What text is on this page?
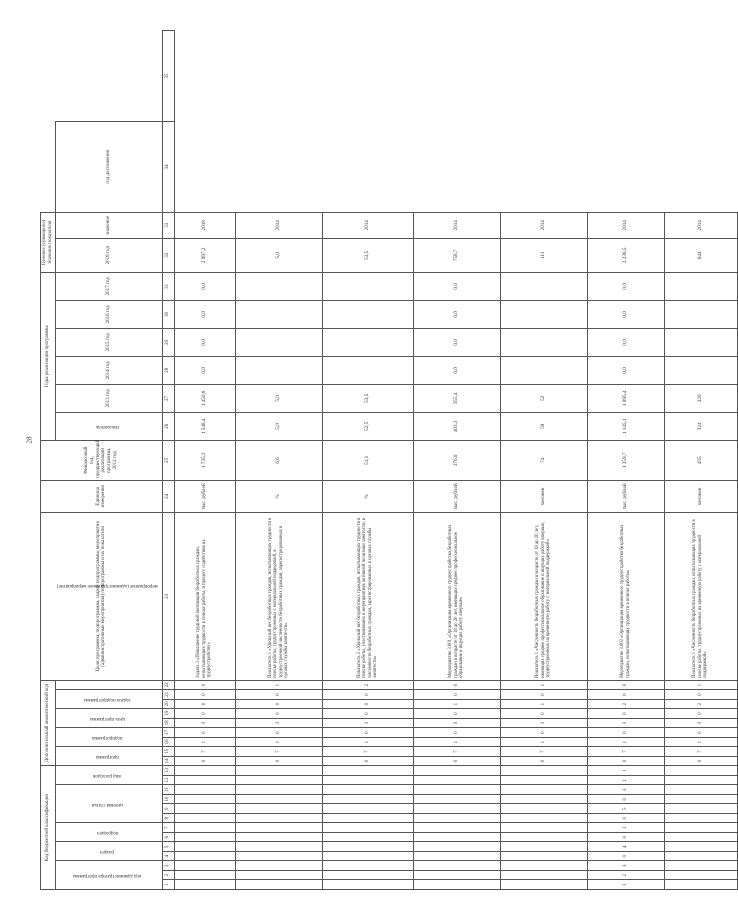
28
Код бюджетной классификации													Дополнительный аналитический код									Цели программы, подпрограммы, задачи подпрограммы, мероприятия (административные мероприятия) подпрограммы и их показатели	Единица измерения	Финансовый год, предшествующий реализации программы, 2012 год	Годы реализации программы						Целевое (суммарное) значение показателя			
код администратора программы			раздел		подраздел		целевая статья				вид расходов		программа		подпрограмма		цель программы		задача подпрограммы		мероприятие (административное мероприятие)				показатель	2013 год	2014 год	2015 год	2016 год	2017 год	2018 год	значение	год достижения	

1	2	3	4	5	6	7	8	9	10	11	12	13	14	15	16	17	18	19	20	21	22	23	24	25	26	27	28	29	30	31	32	33	34	35
													0	7	1	0	3	0	0	0	0	Задача 3 «Повышение трудовой мотивации безработных граждан, испытывающих трудности в поиске работы, и процесс содействия их трудоустройству»	тыс. рублей	1 735,3	1 548,4	1 450,8	0,0	0,0	0,0	0,0	2 997,2	2018		
													0	7	1	0	3	0	0	0	1	Показатель 1 «Удельный вес безработных граждан, испытывающих трудности в поиске работы, трудоустроенных с материальной поддержкой, в трудоустроенной численности безработных граждан, зарегистрированных в органах службы занятости»	%	6,6	5,0	5,0					5,0	2014		
													0	7	1	0	3	0	0	0	2	Показатель 2 «Удельный вес безработных граждан, испытывающих трудности в поиске работы, участвовавших в мероприятиях активной политики занятости, в численности безработных граждан, зарегистрированных в органах службы занятости»	%	51,1	52,5	53,5					53,5	2014		
													0	7	1	0	3	0	1	0	0	Мероприятие 3.001 «Организация временного трудоустройства безработных граждан в возрасте от 18 до 20 лет, имеющих среднее профессиональное образование и ищущих работу впервые»	тыс. рублей	376,0	403,3	355,4	0,0	0,0	0,0	0,0	758,7	2014		
													0	7	1	0	3	0	1	0	1	Показатель 1 «Численность безработных граждан в возрасте от 18 до 20 лет, имеющих среднее профессиональное образование и ищущих работу впервые, трудоустроенных на временную работу с материальной поддержкой»	человек	74	59	52					111	2014		
1	2	3	0	4	0	1	0	5	0	3	1	1	0	7	1	0	3	0	2	0	0	Мероприятие 3.002 «Организация временного трудоустройства безработных граждан, испытывающих трудности в поиске работы»	тыс. рублей	1 359,7	1 145,1	1 095,4	0,0	0,0	0,0	0,0	2 238,5	2014		
													0	7	1	0	3	0	2	0	1	Показатель 1 «Численность безработных граждан, испытывающих трудности в поиске работы, трудоустроенных на временную работу с материальной поддержкой»	человек	455	324	320					644	2014		
